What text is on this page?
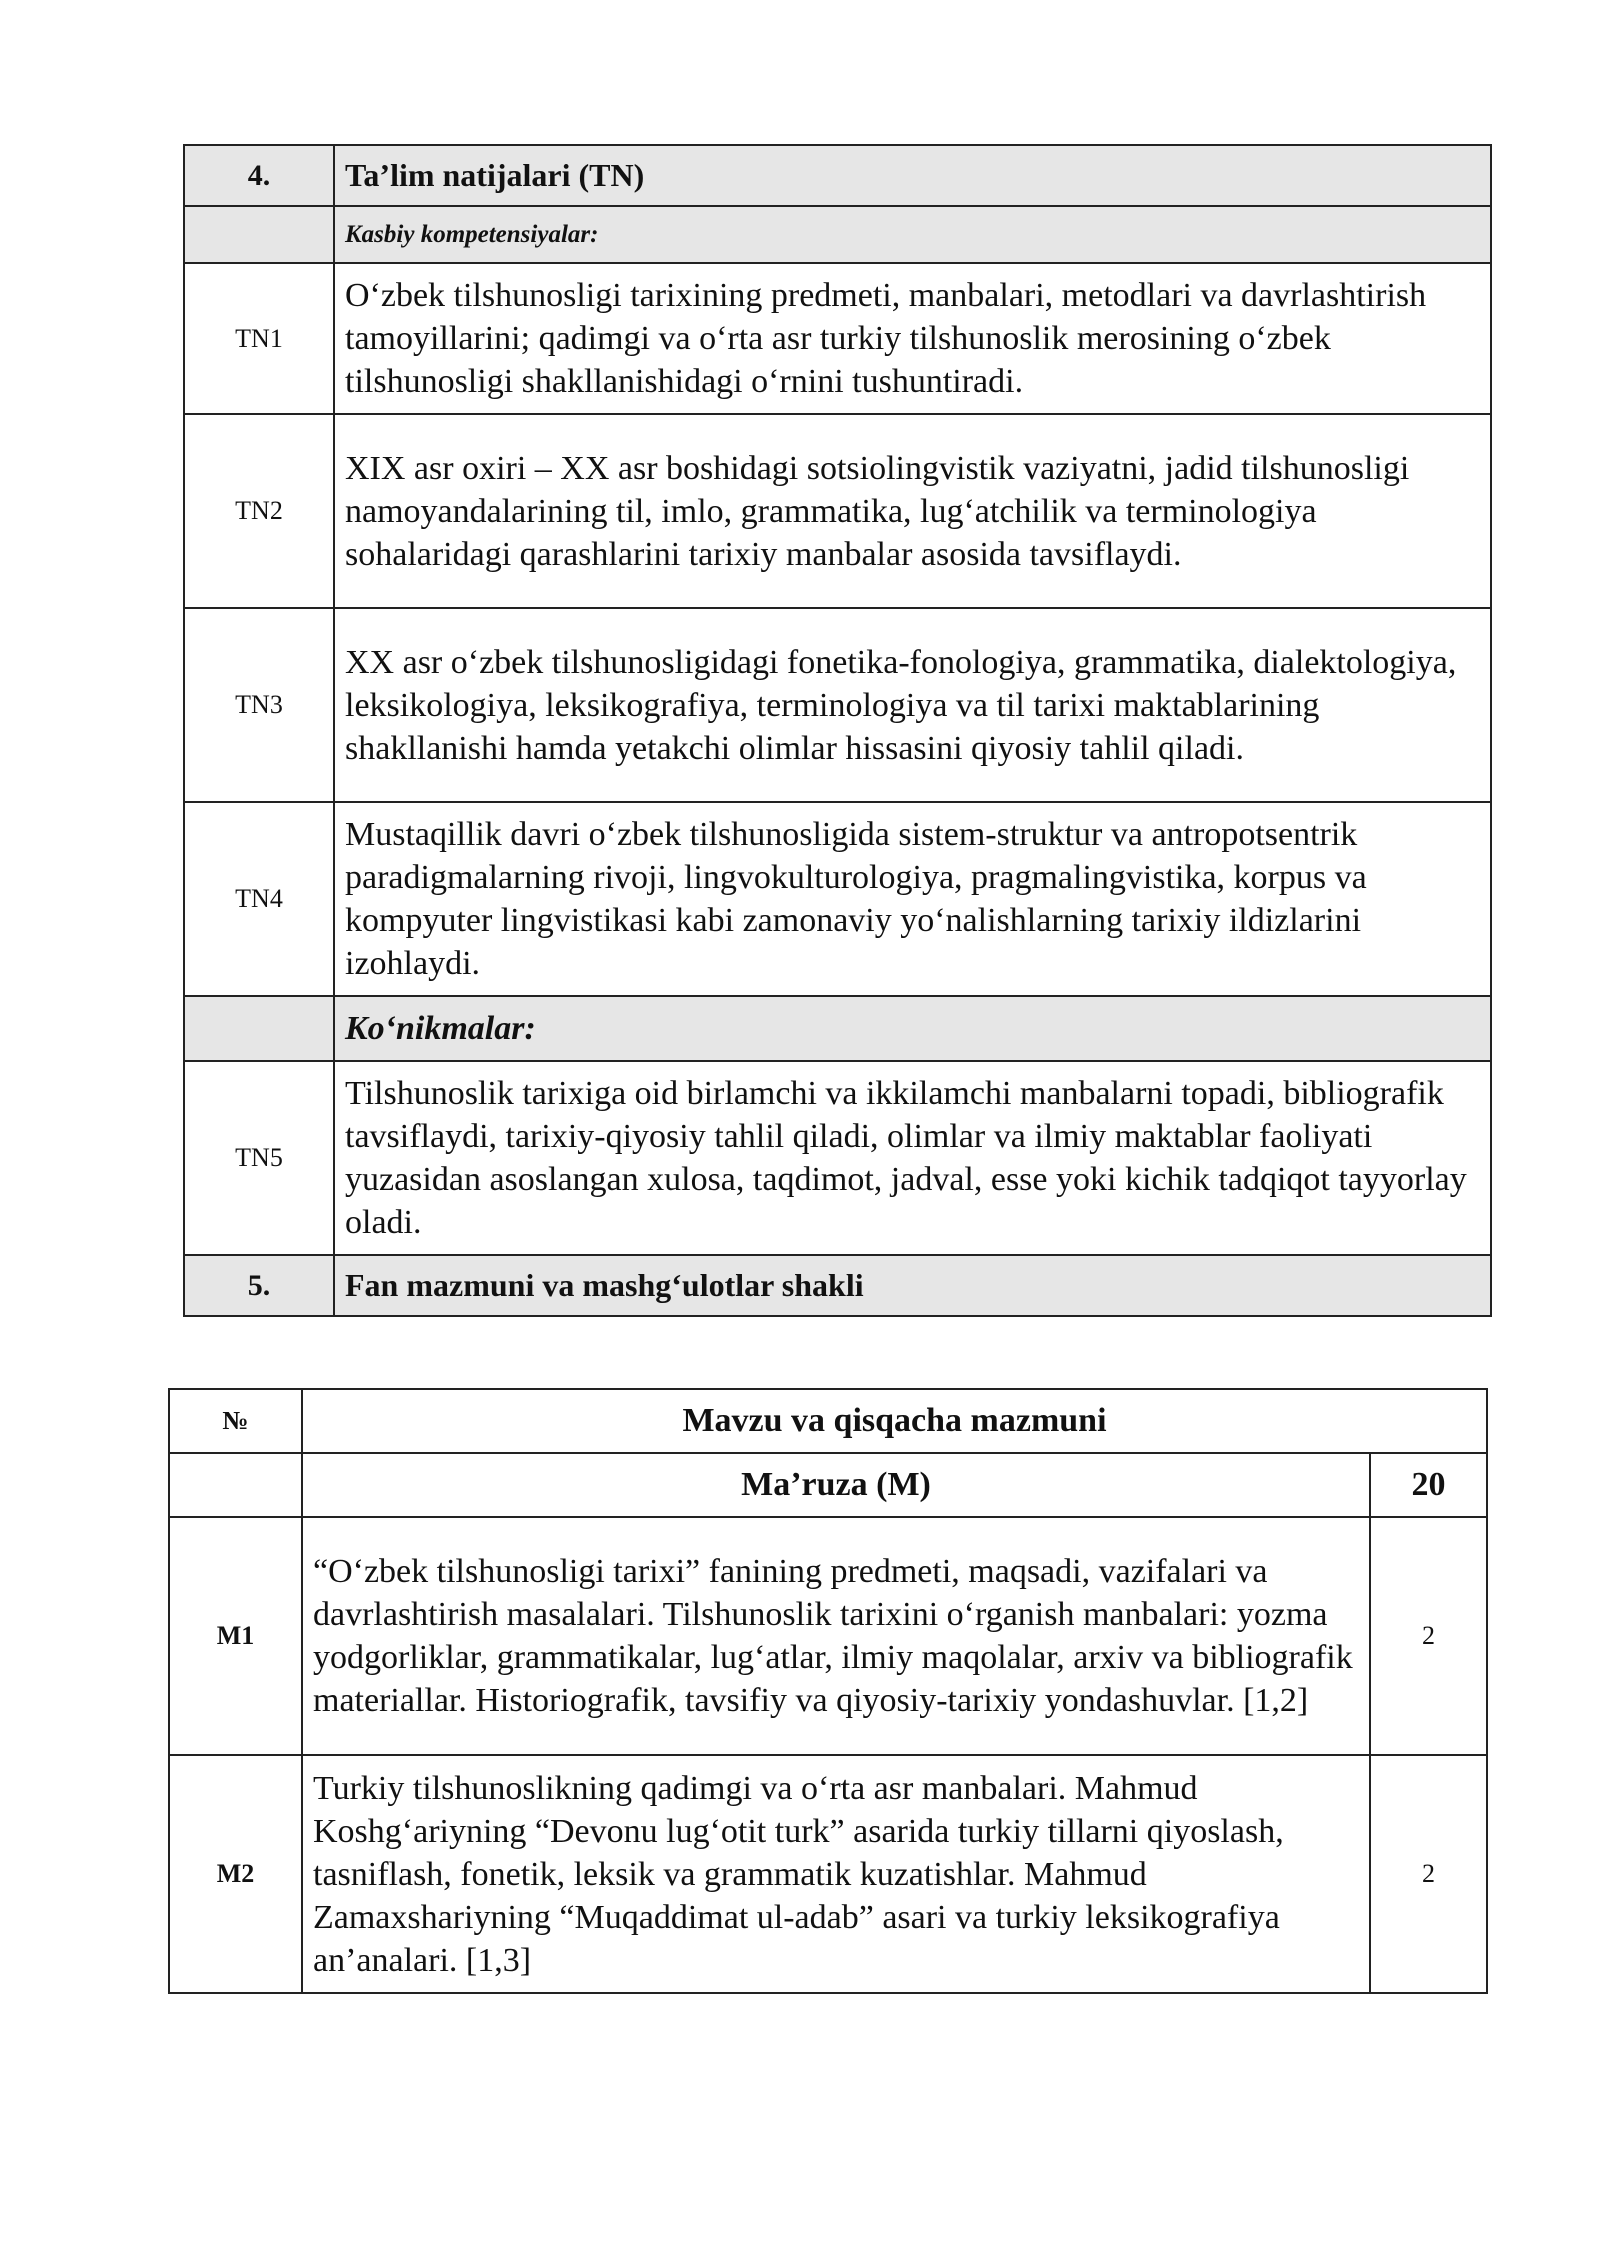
4.	Ta’lim natijalari (TN)
	Kasbiy kompetensiyalar:
TN1	O‘zbek tilshunosligi tarixining predmeti, manbalari, metodlari va davrlashtirish tamoyillarini; qadimgi va o‘rta asr turkiy tilshunoslik merosining o‘zbek tilshunosligi shakllanishidagi o‘rnini tushuntiradi.
TN2	XIX asr oxiri – XX asr boshidagi sotsiolingvistik vaziyatni, jadid tilshunosligi namoyandalarining til, imlo, grammatika, lug‘atchilik va terminologiya sohalaridagi qarashlarini tarixiy manbalar asosida tavsiflaydi.
TN3	XX asr o‘zbek tilshunosligidagi fonetika-fonologiya, grammatika, dialektologiya, leksikologiya, leksikografiya, terminologiya va til tarixi maktablarining shakllanishi hamda yetakchi olimlar hissasini qiyosiy tahlil qiladi.
TN4	Mustaqillik davri o‘zbek tilshunosligida sistem-struktur va antropotsentrik paradigmalarning rivoji, lingvokulturologiya, pragmalingvistika, korpus va kompyuter lingvistikasi kabi zamonaviy yo‘nalishlarning tarixiy ildizlarini izohlaydi.
	Ko‘nikmalar:
TN5	Tilshunoslik tarixiga oid birlamchi va ikkilamchi manbalarni topadi, bibliografik tavsiflaydi, tarixiy-qiyosiy tahlil qiladi, olimlar va ilmiy maktablar faoliyati yuzasidan asoslangan xulosa, taqdimot, jadval, esse yoki kichik tadqiqot tayyorlay oladi.
5.	Fan mazmuni va mashg‘ulotlar shakli
№	Mavzu va qisqacha mazmuni	
	Ma’ruza (M)	20
M1	“O‘zbek tilshunosligi tarixi” fanining predmeti, maqsadi, vazifalari va davrlashtirish masalalari. Tilshunoslik tarixini o‘rganish manbalari: yozma yodgorliklar, grammatikalar, lug‘atlar, ilmiy maqolalar, arxiv va bibliografik materiallar. Historiografik, tavsifiy va qiyosiy-tarixiy yondashuvlar. [1,2]	2
M2	Turkiy tilshunoslikning qadimgi va o‘rta asr manbalari. Mahmud Koshg‘ariyning “Devonu lug‘otit turk” asarida turkiy tillarni qiyoslash, tasniflash, fonetik, leksik va grammatik kuzatishlar. Mahmud Zamaxshariyning “Muqaddimat ul-adab” asari va turkiy leksikografiya an’analari. [1,3]	2
